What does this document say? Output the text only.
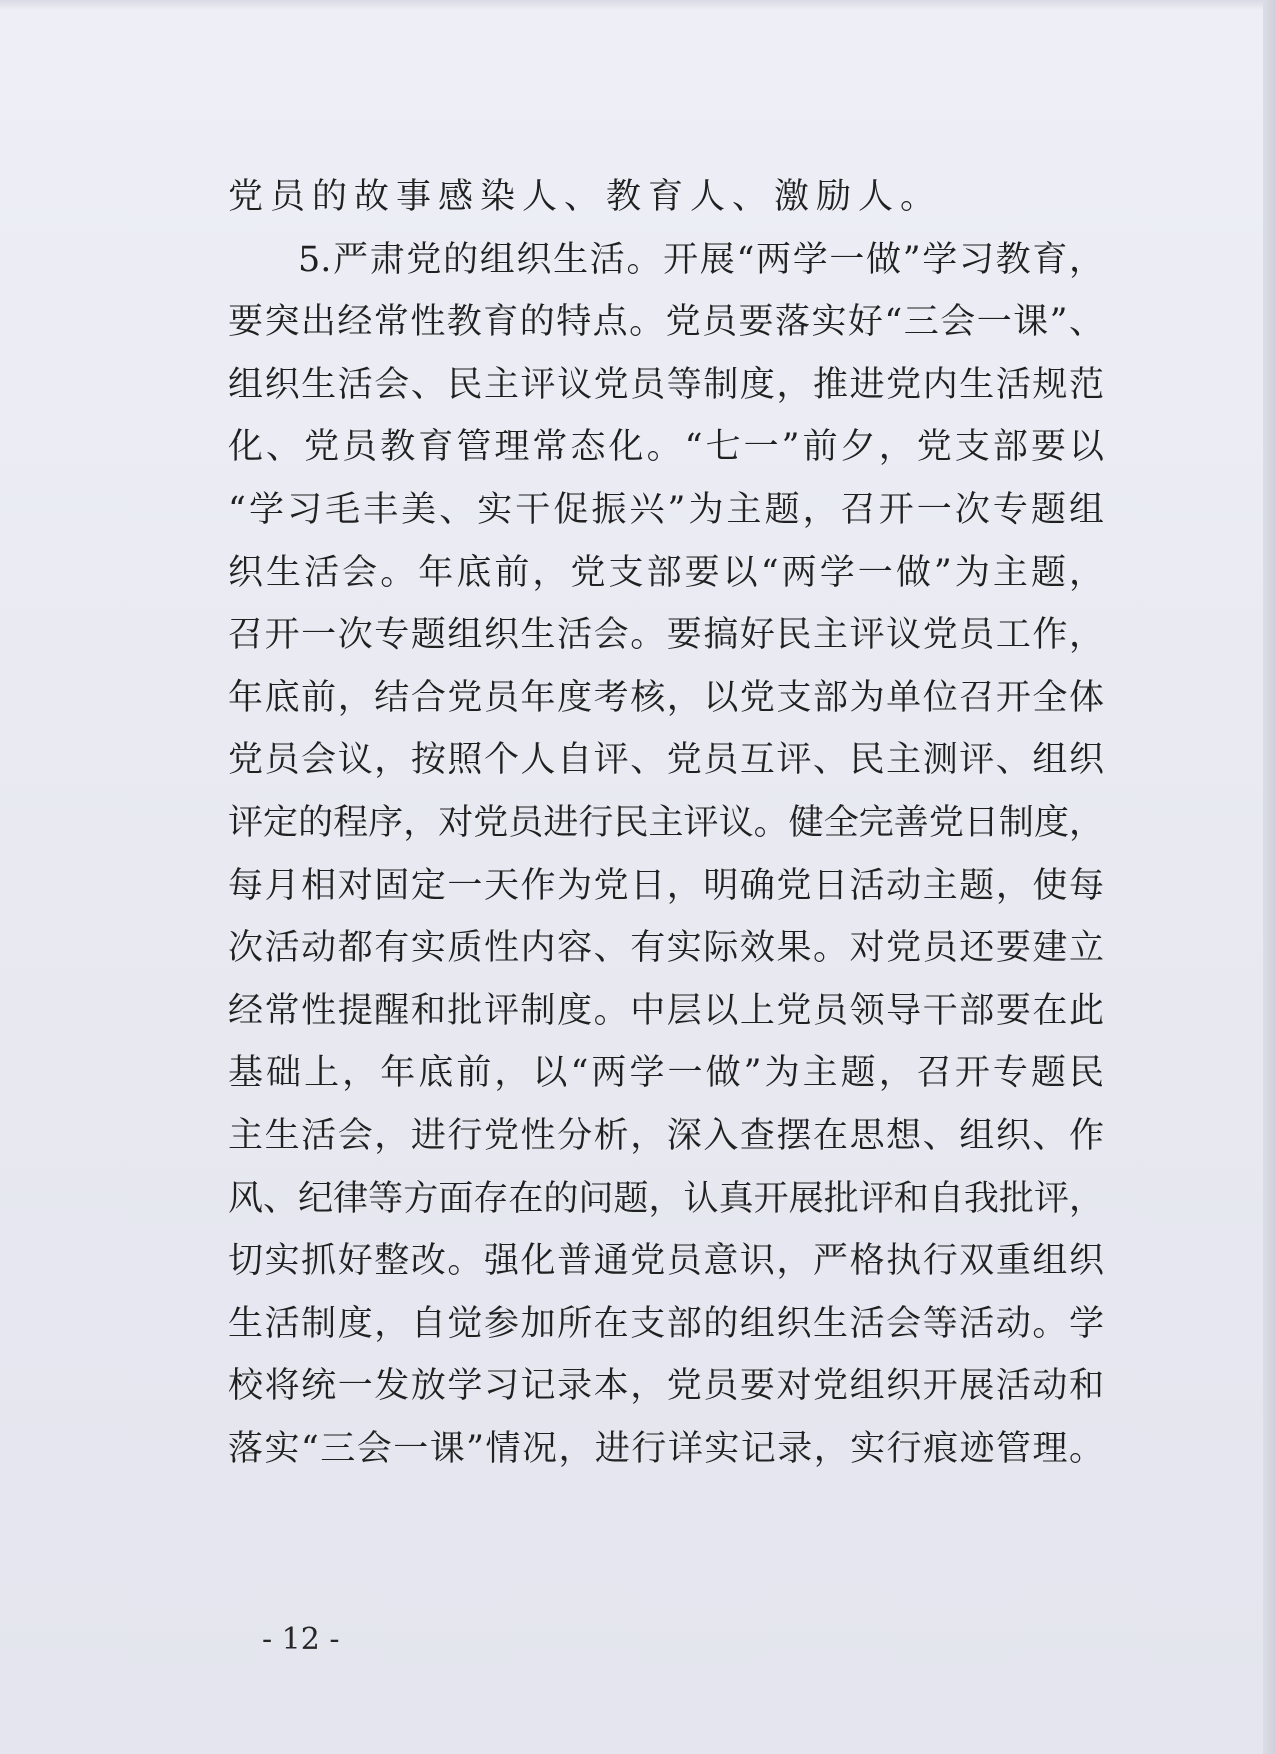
党员的故事感染人、教育人、激励人。
5.严肃党的组织生活。开展“两学一做”学习教育，
要突出经常性教育的特点。党员要落实好“三会一课”、
组织生活会、民主评议党员等制度，推进党内生活规范
化、党员教育管理常态化。“七一”前夕，党支部要以
“学习毛丰美、实干促振兴”为主题，召开一次专题组
织生活会。年底前，党支部要以“两学一做”为主题，
召开一次专题组织生活会。要搞好民主评议党员工作，
年底前，结合党员年度考核，以党支部为单位召开全体
党员会议，按照个人自评、党员互评、民主测评、组织
评定的程序，对党员进行民主评议。健全完善党日制度，
每月相对固定一天作为党日，明确党日活动主题，使每
次活动都有实质性内容、有实际效果。对党员还要建立
经常性提醒和批评制度。中层以上党员领导干部要在此
基础上，年底前，以“两学一做”为主题，召开专题民
主生活会，进行党性分析，深入查摆在思想、组织、作
风、纪律等方面存在的问题，认真开展批评和自我批评，
切实抓好整改。强化普通党员意识，严格执行双重组织
生活制度，自觉参加所在支部的组织生活会等活动。学
校将统一发放学习记录本，党员要对党组织开展活动和
落实“三会一课”情况，进行详实记录，实行痕迹管理。
- 12 -
